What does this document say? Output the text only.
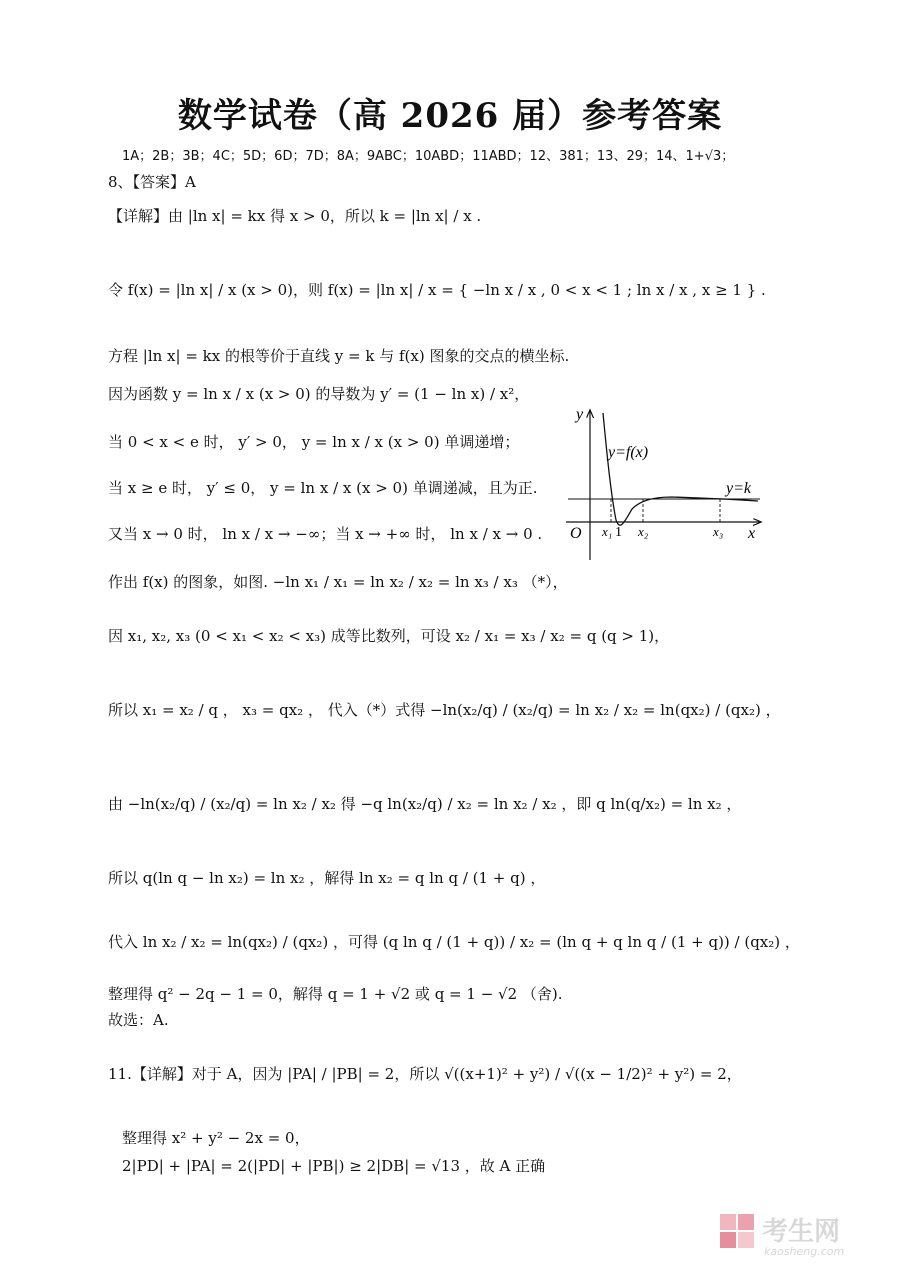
数学试卷（高 2026 届）参考答案
1A；2B；3B；4C；5D；6D；7D；8A；9ABC；10ABD；11ABD；12、381；13、29；14、1+√3；
8、【答案】A
【详解】由 |ln x| = kx 得 x > 0，所以 k = |ln x| / x .
令 f(x) = |ln x| / x (x > 0)，则 f(x) = |ln x| / x = { −ln x / x , 0 < x < 1 ; ln x / x , x ≥ 1 } .
方程 |ln x| = kx 的根等价于直线 y = k 与 f(x) 图象的交点的横坐标.
因为函数 y = ln x / x (x > 0) 的导数为 y′ = (1 − ln x) / x²，
当 0 < x < e 时， y′ > 0， y = ln x / x (x > 0) 单调递增；
当 x ≥ e 时， y′ ≤ 0， y = ln x / x (x > 0) 单调递减，且为正.
又当 x → 0 时， ln x / x → −∞；当 x → +∞ 时， ln x / x → 0 .
作出 f(x) 的图象，如图. −ln x₁ / x₁ = ln x₂ / x₂ = ln x₃ / x₃ （*），
因 x₁, x₂, x₃ (0 < x₁ < x₂ < x₃) 成等比数列，可设 x₂ / x₁ = x₃ / x₂ = q (q > 1)，
所以 x₁ = x₂ / q ， x₃ = qx₂ ， 代入（*）式得 −ln(x₂/q) / (x₂/q) = ln x₂ / x₂ = ln(qx₂) / (qx₂) ，
由 −ln(x₂/q) / (x₂/q) = ln x₂ / x₂ 得 −q ln(x₂/q) / x₂ = ln x₂ / x₂ ，即 q ln(q/x₂) = ln x₂ ，
所以 q(ln q − ln x₂) = ln x₂ ，解得 ln x₂ = q ln q / (1 + q) ，
代入 ln x₂ / x₂ = ln(qx₂) / (qx₂) ，可得 (q ln q / (1 + q)) / x₂ = (ln q + q ln q / (1 + q)) / (qx₂) ，
整理得 q² − 2q − 1 = 0，解得 q = 1 + √2 或 q = 1 − √2 （舍).
故选：A.
y
x
O
y=f(x)
y=k
x₁ 1 x₂	x₃
11.【详解】对于 A，因为 |PA| / |PB| = 2，所以 √((x+1)² + y²) / √((x − 1/2)² + y²) = 2，
整理得 x² + y² − 2x = 0，
2|PD| + |PA| = 2(|PD| + |PB|) ≥ 2|DB| = √13 ，故 A 正确
考生网
kaosheng.com
